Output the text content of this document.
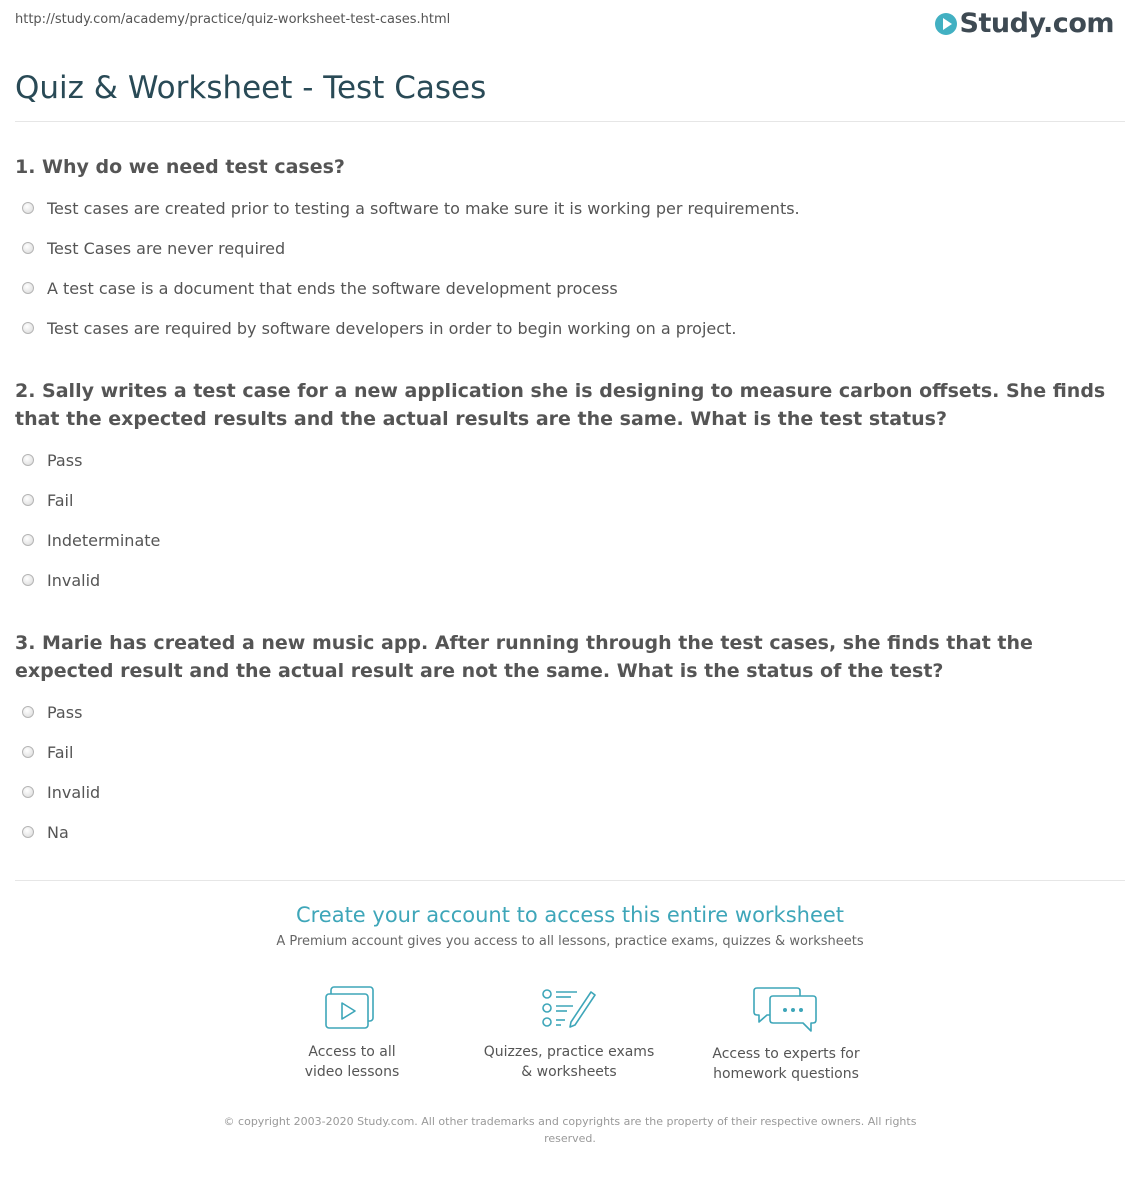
http://study.com/academy/practice/quiz-worksheet-test-cases.html	Study.com
Quiz & Worksheet - Test Cases
1. Why do we need test cases?
Test cases are created prior to testing a software to make sure it is working per requirements.
Test Cases are never required
A test case is a document that ends the software development process
Test cases are required by software developers in order to begin working on a project.
2. Sally writes a test case for a new application she is designing to measure carbon offsets. She finds that the expected results and the actual results are the same. What is the test status?
Pass
Fail
Indeterminate
Invalid
3. Marie has created a new music app. After running through the test cases, she finds that the expected result and the actual result are not the same. What is the status of the test?
Pass
Fail
Invalid
Na
Create your account to access this entire worksheet
A Premium account gives you access to all lessons, practice exams, quizzes & worksheets
Access to all
video lessons
Quizzes, practice exams
& worksheets
Access to experts for
homework questions
© copyright 2003-2020 Study.com. All other trademarks and copyrights are the property of their respective owners. All rights
reserved.
